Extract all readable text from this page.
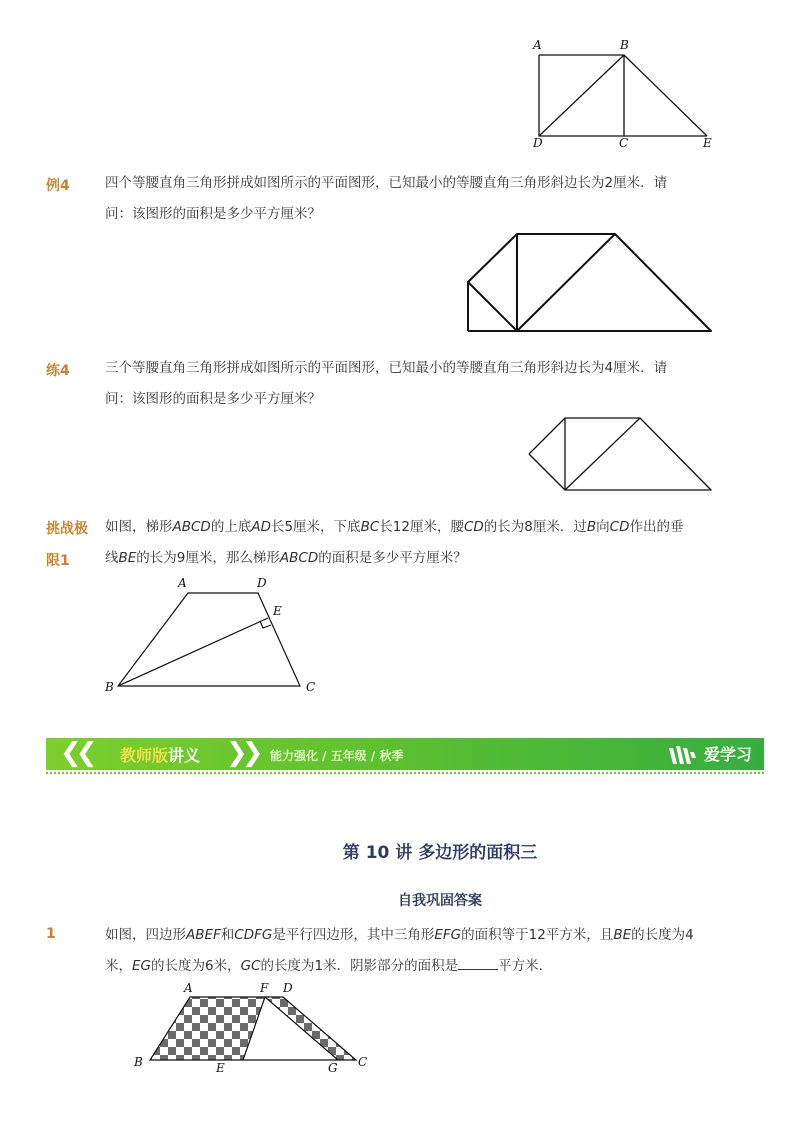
A	B
D	C	E
例4	四个等腰直角三角形拼成如图所示的平面图形，已知最小的等腰直角三角形斜边长为2厘米．请
问：该图形的面积是多少平方厘米？
练4	三个等腰直角三角形拼成如图所示的平面图形，已知最小的等腰直角三角形斜边长为4厘米．请
问：该图形的面积是多少平方厘米？
挑战极
限1
如图，梯形ABCD的上底AD长5厘米，下底BC长12厘米，腰CD的长为8厘米．过B向CD作出的垂
线BE的长为9厘米，那么梯形ABCD的面积是多少平方厘米？
A	D
E
B	C
❮❮ 教师版讲义 ❯❯ 能力强化 / 五年级 / 秋季	爱学习
第 10 讲 多边形的面积三
自我巩固答案
1	如图，四边形ABEF和CDFG是平行四边形，其中三角形EFG的面积等于12平方米，且BE的长度为4
米，EG的长度为6米，GC的长度为1米．阴影部分的面积是	平方米．
A	F D
B	E	G C
